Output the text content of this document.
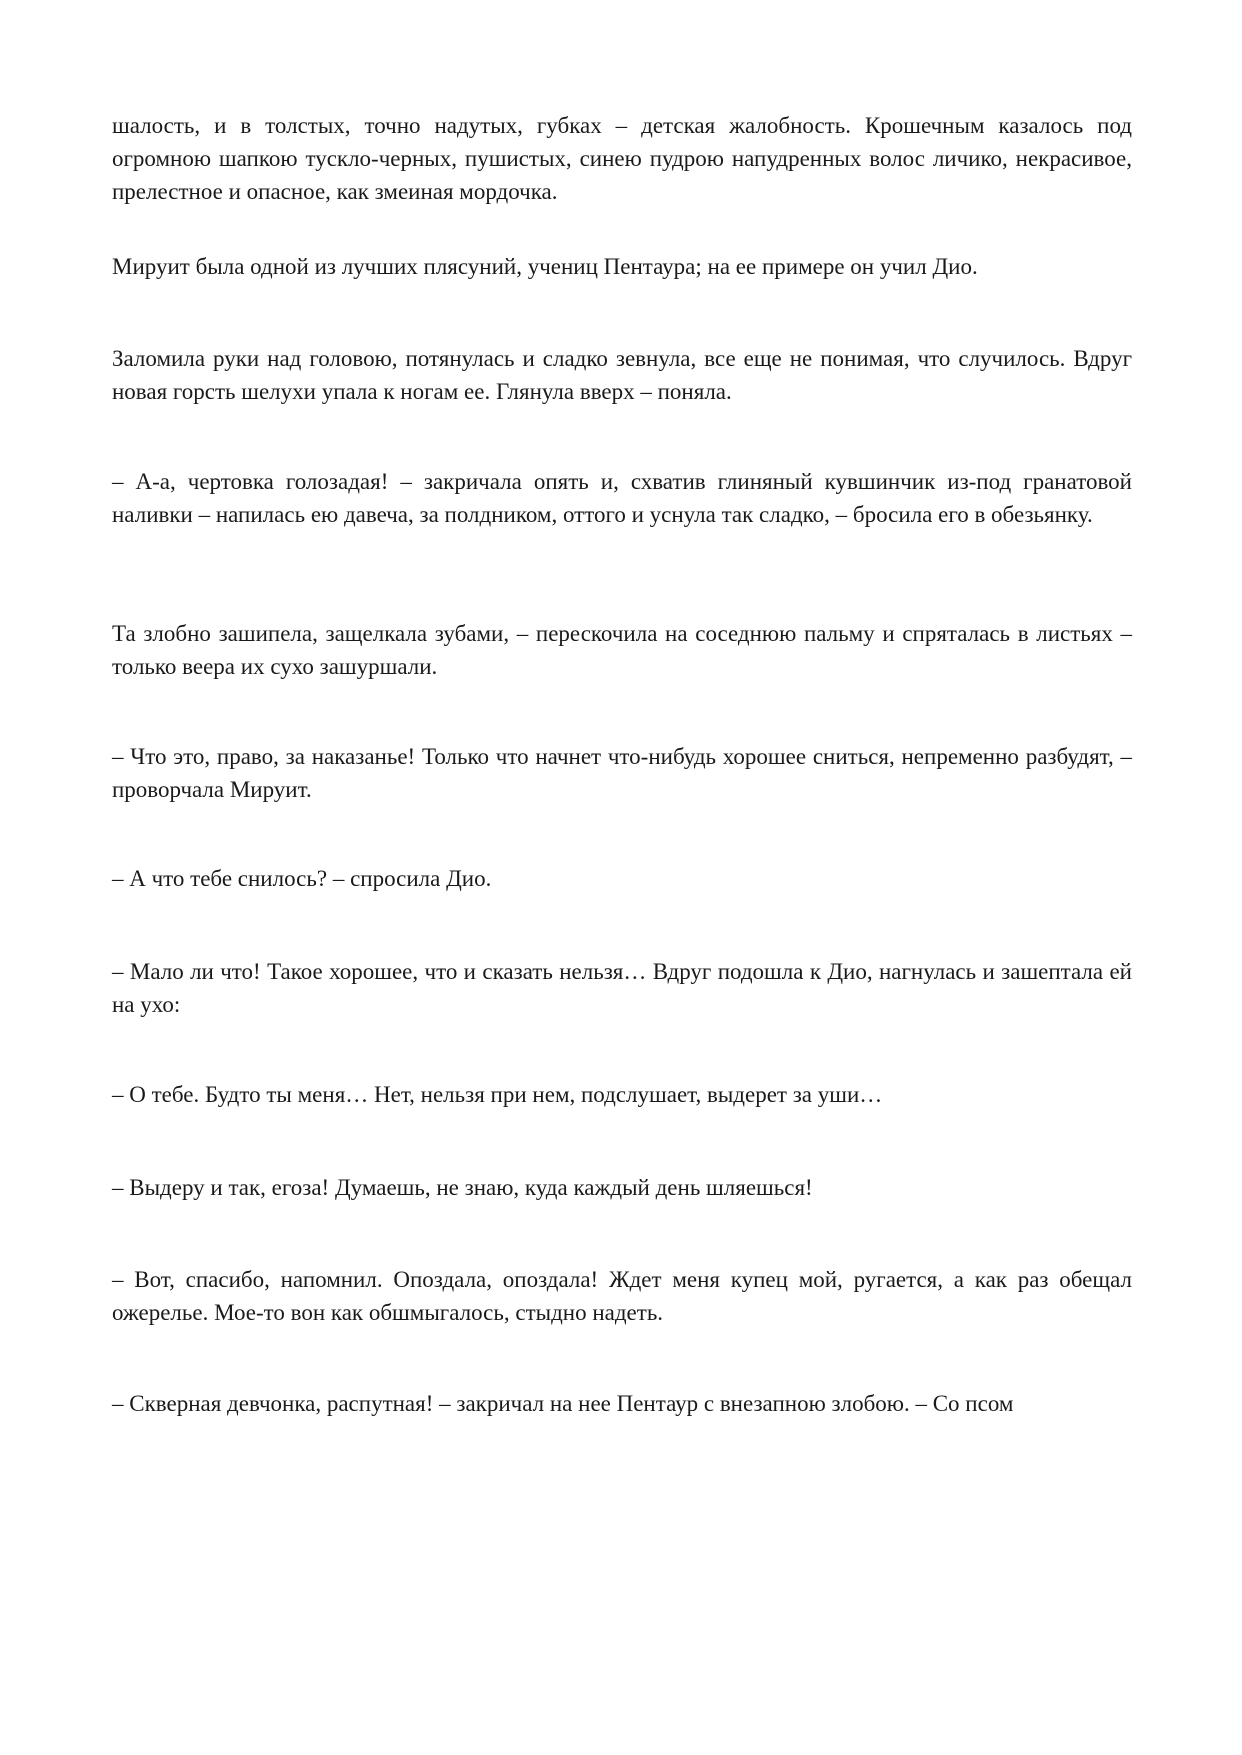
шалость, и в толстых, точно надутых, губках – детская жалобность. Крошечным казалось под огромною шапкою тускло-черных, пушистых, синею пудрою напудренных волос личико, некрасивое, прелестное и опасное, как змеиная мордочка.

Мируит была одной из лучших плясуний, учениц Пентаура; на ее примере он учил Дио.

Заломила руки над головою, потянулась и сладко зевнула, все еще не понимая, что случилось. Вдруг новая горсть шелухи упала к ногам ее. Глянула вверх – поняла.

– А-а, чертовка голозадая! – закричала опять и, схватив глиняный кувшинчик из-под гранатовой наливки – напилась ею давеча, за полдником, оттого и уснула так сладко, – бросила его в обезьянку.

Та злобно зашипела, защелкала зубами, – перескочила на соседнюю пальму и спряталась в листьях – только веера их сухо зашуршали.

– Что это, право, за наказанье! Только что начнет что-нибудь хорошее сниться, непременно разбудят, – проворчала Мируит.

– А что тебе снилось? – спросила Дио.

– Мало ли что! Такое хорошее, что и сказать нельзя… Вдруг подошла к Дио, нагнулась и зашептала ей на ухо:

– О тебе. Будто ты меня… Нет, нельзя при нем, подслушает, выдерет за уши…

– Выдеру и так, егоза! Думаешь, не знаю, куда каждый день шляешься!

– Вот, спасибо, напомнил. Опоздала, опоздала! Ждет меня купец мой, ругается, а как раз обещал ожерелье. Мое-то вон как обшмыгалось, стыдно надеть.

– Скверная девчонка, распутная! – закричал на нее Пентаур с внезапною злобою. – Со псом
